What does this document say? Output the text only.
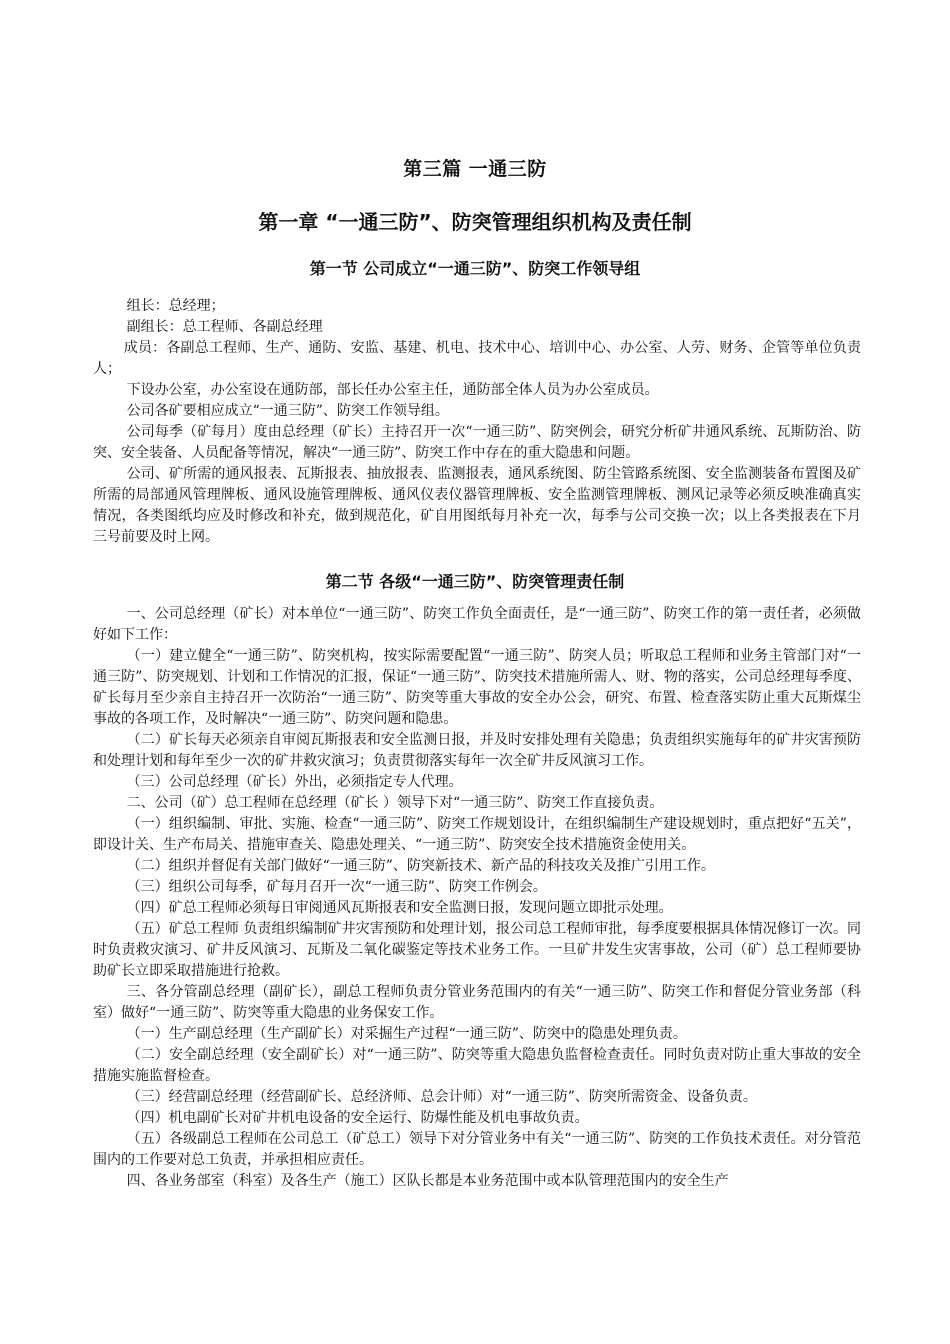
第三篇 一通三防
第一章 “一通三防”、防突管理组织机构及责任制
第一节 公司成立“一通三防”、防突工作领导组

组长：总经理；

副组长：总工程师、各副总经理

成员：各副总工程师、生产、通防、安监、基建、机电、技术中心、培训中心、办公室、人劳、财务、企管等单位负责人；

下设办公室，办公室设在通防部，部长任办公室主任，通防部全体人员为办公室成员。

公司各矿要相应成立“一通三防”、防突工作领导组。

公司每季（矿每月）度由总经理（矿长）主持召开一次“一通三防”、防突例会，研究分析矿井通风系统、瓦斯防治、防突、安全装备、人员配备等情况，解决“一通三防”、防突工作中存在的重大隐患和问题。

公司、矿所需的通风报表、瓦斯报表、抽放报表、监测报表，通风系统图、防尘管路系统图、安全监测装备布置图及矿所需的局部通风管理牌板、通风设施管理牌板、通风仪表仪器管理牌板、安全监测管理牌板、测风记录等必须反映准确真实情况，各类图纸均应及时修改和补充，做到规范化，矿自用图纸每月补充一次，每季与公司交换一次；以上各类报表在下月三号前要及时上网。

第二节 各级“一通三防”、防突管理责任制

一、公司总经理（矿长）对本单位“一通三防”、防突工作负全面责任，是“一通三防”、防突工作的第一责任者，必须做好如下工作：

（一）建立健全“一通三防”、防突机构，按实际需要配置“一通三防”、防突人员；听取总工程师和业务主管部门对“一通三防”、防突规划、计划和工作情况的汇报，保证“一通三防”、防突技术措施所需人、财、物的落实，公司总经理每季度、矿长每月至少亲自主持召开一次防治“一通三防”、防突等重大事故的安全办公会，研究、布置、检查落实防止重大瓦斯煤尘事故的各项工作，及时解决“一通三防”、防突问题和隐患。

（二）矿长每天必须亲自审阅瓦斯报表和安全监测日报，并及时安排处理有关隐患；负责组织实施每年的矿井灾害预防和处理计划和每年至少一次的矿井救灾演习；负责贯彻落实每年一次全矿井反风演习工作。

（三）公司总经理（矿长）外出，必须指定专人代理。

二、公司（矿）总工程师在总经理（矿长 ）领导下对“一通三防”、防突工作直接负责。

（一）组织编制、审批、实施、检查“一通三防”、防突工作规划设计，在组织编制生产建设规划时，重点把好“五关”，即设计关、生产布局关、措施审查关、隐患处理关、“一通三防”、防突安全技术措施资金使用关。

（二）组织并督促有关部门做好“一通三防”、防突新技术、新产品的科技攻关及推广引用工作。

（三）组织公司每季，矿每月召开一次“一通三防”、防突工作例会。

（四）矿总工程师必须每日审阅通风瓦斯报表和安全监测日报，发现问题立即批示处理。

（五）矿总工程师 负责组织编制矿井灾害预防和处理计划，报公司总工程师审批，每季度要根据具体情况修订一次。同时负责救灾演习、矿井反风演习、瓦斯及二氧化碳鉴定等技术业务工作。一旦矿井发生灾害事故，公司（矿）总工程师要协助矿长立即采取措施进行抢救。

三、各分管副总经理（副矿长），副总工程师负责分管业务范围内的有关“一通三防”、防突工作和督促分管业务部（科室）做好“一通三防”、防突等重大隐患的业务保安工作。

（一）生产副总经理（生产副矿长）对采掘生产过程“一通三防”、防突中的隐患处理负责。

（二）安全副总经理（安全副矿长）对“一通三防”、防突等重大隐患负监督检查责任。同时负责对防止重大事故的安全措施实施监督检查。

（三）经营副总经理（经营副矿长、总经济师、总会计师）对“一通三防”、防突所需资金、设备负责。

（四）机电副矿长对矿井机电设备的安全运行、防爆性能及机电事故负责。

（五）各级副总工程师在公司总工（矿总工）领导下对分管业务中有关“一通三防”、防突的工作负技术责任。对分管范围内的工作要对总工负责，并承担相应责任。

四、各业务部室（科室）及各生产（施工）区队长都是本业务范围中或本队管理范围内的安全生产
